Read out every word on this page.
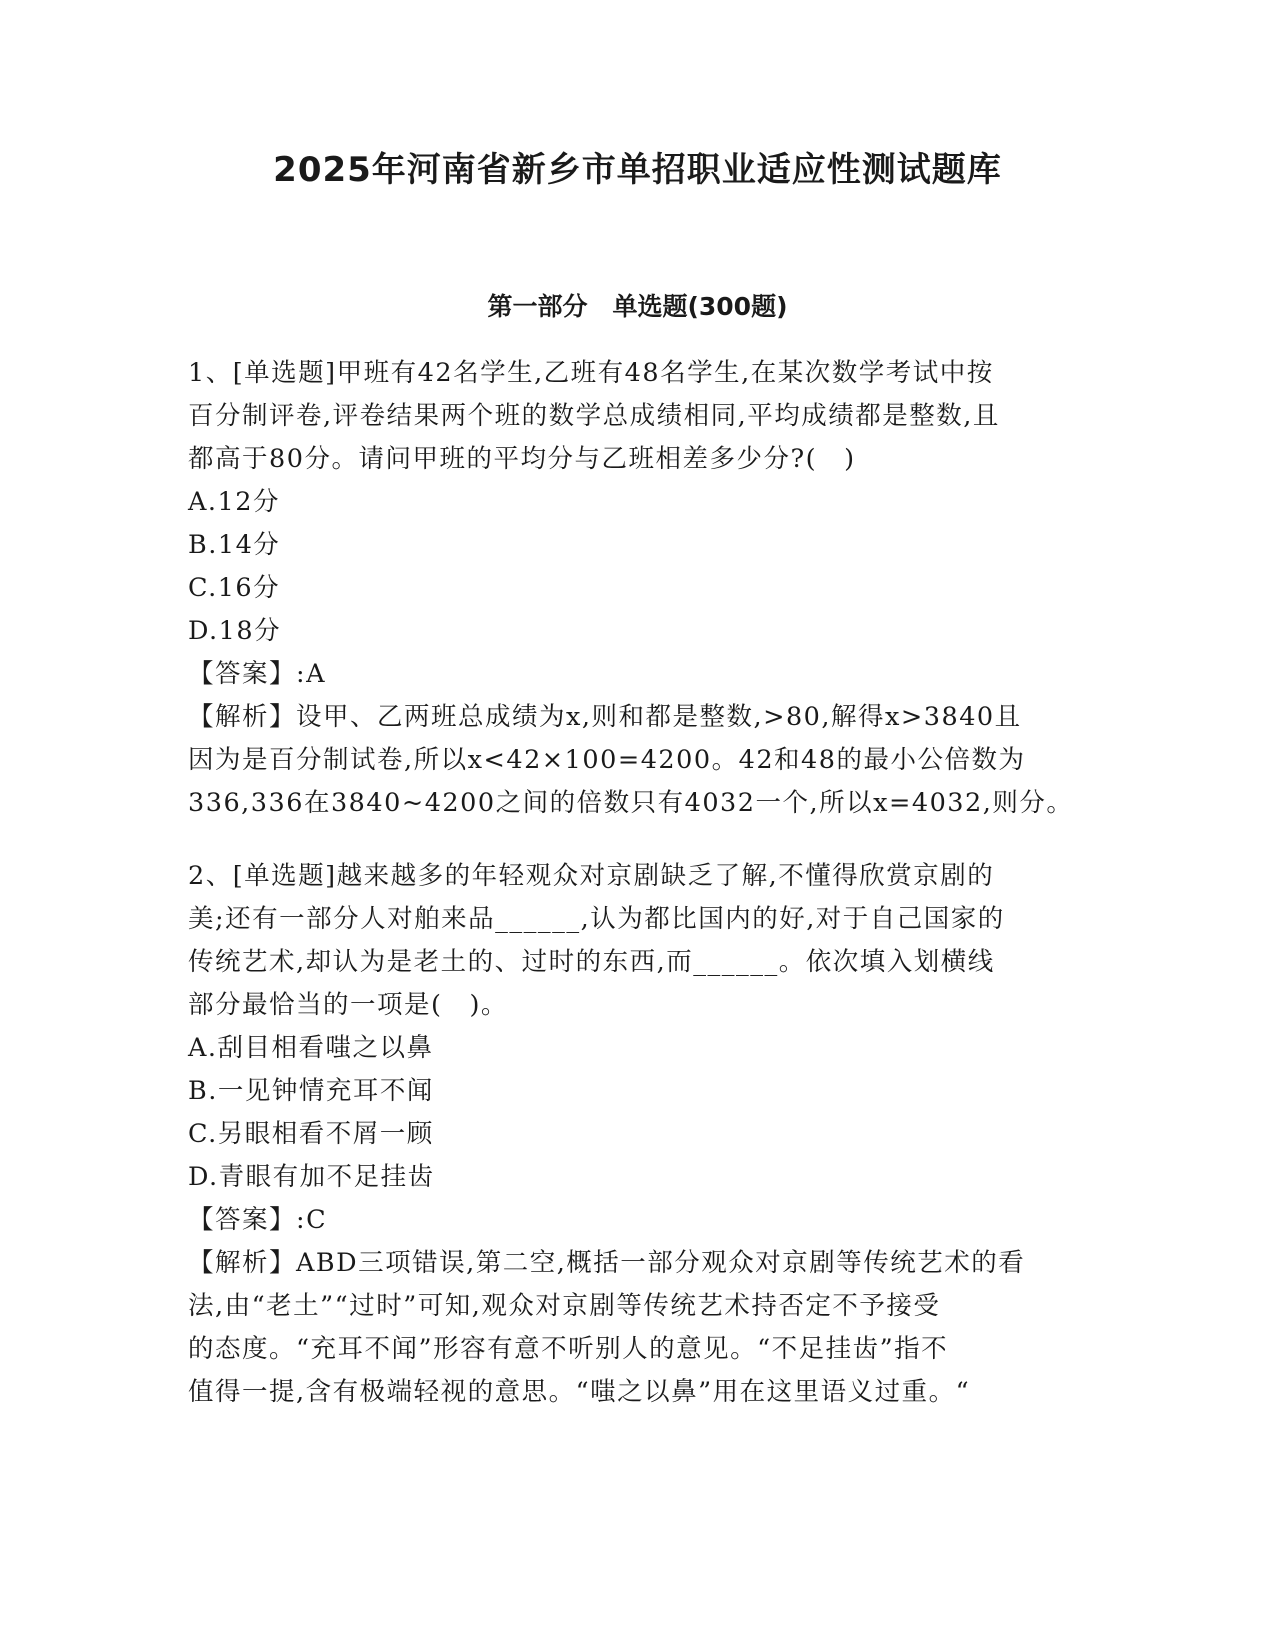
2025年河南省新乡市单招职业适应性测试题库
第一部分　单选题(300题)
1、[单选题]甲班有42名学生,乙班有48名学生,在某次数学考试中按
百分制评卷,评卷结果两个班的数学总成绩相同,平均成绩都是整数,且
都高于80分。请问甲班的平均分与乙班相差多少分?(　)
A.12分
B.14分
C.16分
D.18分
【答案】:A
【解析】设甲、乙两班总成绩为x,则和都是整数,>80,解得x>3840且
因为是百分制试卷,所以x<42×100=4200。42和48的最小公倍数为
336,336在3840~4200之间的倍数只有4032一个,所以x=4032,则分。
2、[单选题]越来越多的年轻观众对京剧缺乏了解,不懂得欣赏京剧的
美;还有一部分人对舶来品______,认为都比国内的好,对于自己国家的
传统艺术,却认为是老土的、过时的东西,而______。依次填入划横线
部分最恰当的一项是(　)。
A.刮目相看嗤之以鼻
B.一见钟情充耳不闻
C.另眼相看不屑一顾
D.青眼有加不足挂齿
【答案】:C
【解析】ABD三项错误,第二空,概括一部分观众对京剧等传统艺术的看
法,由“老土”“过时”可知,观众对京剧等传统艺术持否定不予接受
的态度。“充耳不闻”形容有意不听别人的意见。“不足挂齿”指不
值得一提,含有极端轻视的意思。“嗤之以鼻”用在这里语义过重。“
